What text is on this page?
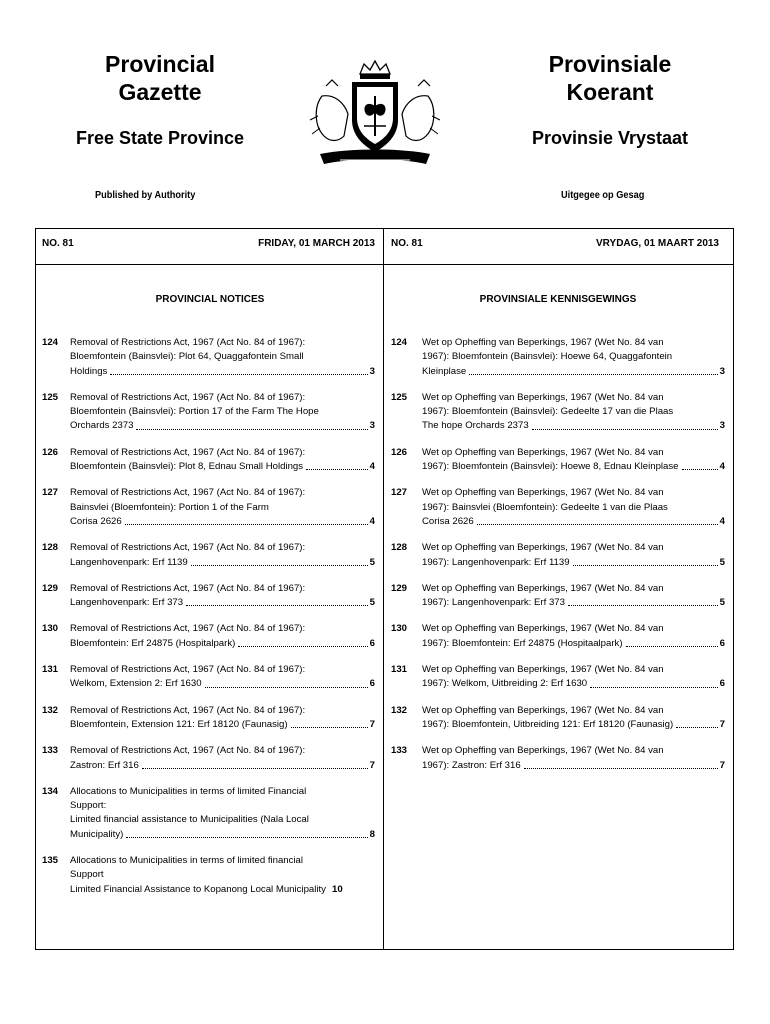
Provincial
Gazette
Provinsiale
Koerant
Free State Province	Provinsie Vrystaat
Published by Authority	Uitgegee op Gesag
NO. 81	FRIDAY, 01 MARCH 2013 NO. 81	VRYDAG, 01 MAART 2013
PROVINCIAL NOTICES	PROVINSIALE KENNISGEWINGS
124 Removal of Restrictions Act, 1967 (Act No. 84 of 1967):
Bloemfontein (Bainsvlei): Plot 64, Quaggafontein Small
Holdings	3
125 Removal of Restrictions Act, 1967 (Act No. 84 of 1967):
Bloemfontein (Bainsvlei): Portion 17 of the Farm The Hope
Orchards 2373	3
126 Removal of Restrictions Act, 1967 (Act No. 84 of 1967):
Bloemfontein (Bainsvlei): Plot 8, Ednau Small Holdings	4
127 Removal of Restrictions Act, 1967 (Act No. 84 of 1967):
Bainsvlei (Bloemfontein): Portion 1 of the Farm
Corisa 2626	4
128 Removal of Restrictions Act, 1967 (Act No. 84 of 1967):
Langenhovenpark: Erf 1139	5
129 Removal of Restrictions Act, 1967 (Act No. 84 of 1967):
Langenhovenpark: Erf 373	5
130 Removal of Restrictions Act, 1967 (Act No. 84 of 1967):
Bloemfontein: Erf 24875 (Hospitalpark)	6
131 Removal of Restrictions Act, 1967 (Act No. 84 of 1967):
Welkom, Extension 2: Erf 1630	6
132 Removal of Restrictions Act, 1967 (Act No. 84 of 1967):
Bloemfontein, Extension 121: Erf 18120 (Faunasig)	7
133 Removal of Restrictions Act, 1967 (Act No. 84 of 1967):
Zastron: Erf 316	7
134 Allocations to Municipalities in terms of limited Financial
Support:
Limited financial assistance to Municipalities (Nala Local
Municipality)	8
135 Allocations to Municipalities in terms of limited financial
Support
Limited Financial Assistance to Kopanong Local Municipality 10
124 Wet op Opheffing van Beperkings, 1967 (Wet No. 84 van
1967): Bloemfontein (Bainsvlei): Hoewe 64, Quaggafontein
Kleinplase	3
125 Wet op Opheffing van Beperkings, 1967 (Wet No. 84 van
1967): Bloemfontein (Bainsvlei): Gedeelte 17 van die Plaas
The hope Orchards 2373	3
126 Wet op Opheffing van Beperkings, 1967 (Wet No. 84 van
1967): Bloemfontein (Bainsvlei): Hoewe 8, Ednau Kleinplase	4
127 Wet op Opheffing van Beperkings, 1967 (Wet No. 84 van
1967): Bainsvlei (Bloemfontein): Gedeelte 1 van die Plaas
Corisa 2626	4
128 Wet op Opheffing van Beperkings, 1967 (Wet No. 84 van
1967): Langenhovenpark: Erf 1139	5
129 Wet op Opheffing van Beperkings, 1967 (Wet No. 84 van
1967): Langenhovenpark: Erf 373	5
130 Wet op Opheffing van Beperkings, 1967 (Wet No. 84 van
1967): Bloemfontein: Erf 24875 (Hospitaalpark)	6
131 Wet op Opheffing van Beperkings, 1967 (Wet No. 84 van
1967): Welkom, Uitbreiding 2: Erf 1630	6
132 Wet op Opheffing van Beperkings, 1967 (Wet No. 84 van
1967): Bloemfontein, Uitbreiding 121: Erf 18120 (Faunasig)	7
133 Wet op Opheffing van Beperkings, 1967 (Wet No. 84 van
1967): Zastron: Erf 316	7
